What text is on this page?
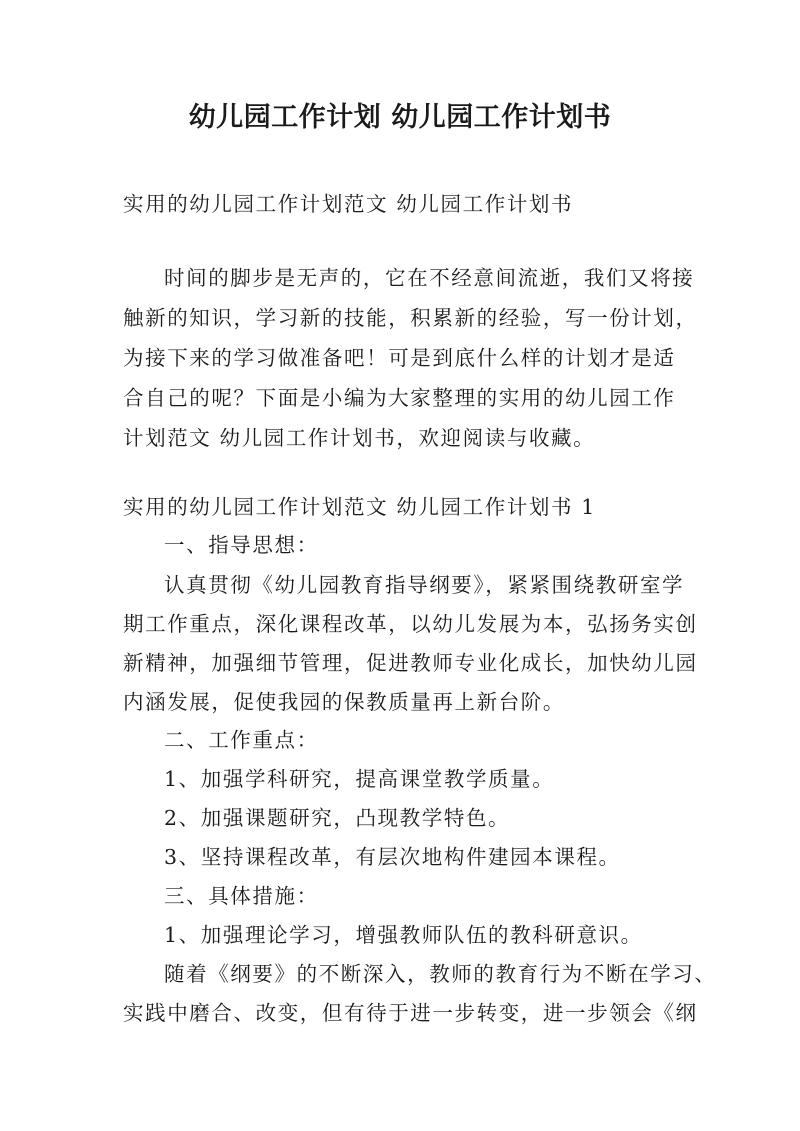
幼儿园工作计划 幼儿园工作计划书
实用的幼儿园工作计划范文 幼儿园工作计划书
时间的脚步是无声的，它在不经意间流逝，我们又将接
触新的知识，学习新的技能，积累新的经验，写一份计划，
为接下来的学习做准备吧！可是到底什么样的计划才是适
合自己的呢？下面是小编为大家整理的实用的幼儿园工作
计划范文 幼儿园工作计划书，欢迎阅读与收藏。
实用的幼儿园工作计划范文 幼儿园工作计划书 1
一、指导思想：
认真贯彻《幼儿园教育指导纲要》，紧紧围绕教研室学
期工作重点，深化课程改革，以幼儿发展为本，弘扬务实创
新精神，加强细节管理，促进教师专业化成长，加快幼儿园
内涵发展，促使我园的保教质量再上新台阶。
二、工作重点：
1、加强学科研究，提高课堂教学质量。
2、加强课题研究，凸现教学特色。
3、坚持课程改革，有层次地构件建园本课程。
三、具体措施：
1、加强理论学习，增强教师队伍的教科研意识。
随着《纲要》的不断深入，教师的教育行为不断在学习、
实践中磨合、改变，但有待于进一步转变，进一步领会《纲
